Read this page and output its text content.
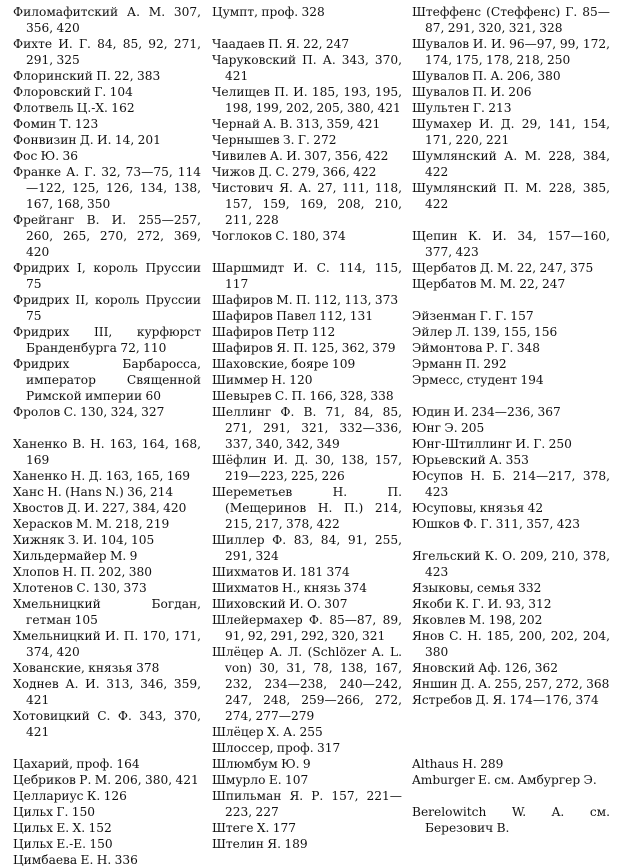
Филомафитский А. М. 307, 356, 420
Фихте И. Г. 84, 85, 92, 271, 291, 325
Флоринский П. 22, 383
Флоровский Г. 104
Флотвель Ц.-Х. 162
Фомин Т. 123
Фонвизин Д. И. 14, 201
Фос Ю. 36
Франке А. Г. 32, 73—75, 114—122, 125, 126, 134, 138, 167, 168, 350
Фрейганг В. И. 255—257, 260, 265, 270, 272, 369, 420
Фридрих I, король Пруссии 75
Фридрих II, король Пруссии 75
Фридрих III, курфюрст Бранденбурга 72, 110
Фридрих Барбаросса, император Священной Римской империи 60
Фролов С. 130, 324, 327
Ханенко В. Н. 163, 164, 168, 169
Ханенко Н. Д. 163, 165, 169
Ханс Н. (Hans N.) 36, 214
Хвостов Д. И. 227, 384, 420
Херасков М. М. 218, 219
Хижняк З. И. 104, 105
Хильдермайер М. 9
Хлопов Н. П. 202, 380
Хлотенов С. 130, 373
Хмельницкий Богдан, гетман 105
Хмельницкий И. П. 170, 171, 374, 420
Хованские, князья 378
Ходнев А. И. 313, 346, 359, 421
Хотовицкий С. Ф. 343, 370, 421
Цахарий, проф. 164
Цебриков Р. М. 206, 380, 421
Целлариус К. 126
Цильх Г. 150
Цильх Е. Х. 152
Цильх Е.-Е. 150
Цимбаева Е. Н. 336
Цумпт, проф. 328
Чаадаев П. Я. 22, 247
Чаруковский П. А. 343, 370, 421
Челищев П. И. 185, 193, 195, 198, 199, 202, 205, 380, 421
Чернай А. В. 313, 359, 421
Чернышев З. Г. 272
Чивилев А. И. 307, 356, 422
Чижов Д. С. 279, 366, 422
Чистович Я. А. 27, 111, 118, 157, 159, 169, 208, 210, 211, 228
Чоглоков С. 180, 374
Шаршмидт И. С. 114, 115, 117
Шафиров М. П. 112, 113, 373
Шафиров Павел 112, 131
Шафиров Петр 112
Шафиров Я. П. 125, 362, 379
Шаховские, бояре 109
Шиммер Н. 120
Шевырев С. П. 166, 328, 338
Шеллинг Ф. В. 71, 84, 85, 271, 291, 321, 332—336, 337, 340, 342, 349
Шёфлин И. Д. 30, 138, 157, 219—223, 225, 226
Шереметьев Н. П. (Мещеринов Н. П.) 214, 215, 217, 378, 422
Шиллер Ф. 83, 84, 91, 255, 291, 324
Шихматов И. 181 374
Шихматов Н., князь 374
Шиховский И. О. 307
Шлейермахер Ф. 85—87, 89, 91, 92, 291, 292, 320, 321
Шлёцер А. Л. (Schlözer A. L. von) 30, 31, 78, 138, 167, 232, 234—238, 240—242, 247, 248, 259—266, 272, 274, 277—279
Шлёцер Х. А. 255
Шлоссер, проф. 317
Шлюмбум Ю. 9
Шмурло Е. 107
Шпильман Я. Р. 157, 221—223, 227
Штеге Х. 177
Штелин Я. 189
Штеффенс (Стеффенс) Г. 85—87, 291, 320, 321, 328
Шувалов И. И. 96—97, 99, 172, 174, 175, 178, 218, 250
Шувалов П. А. 206, 380
Шувалов П. И. 206
Шультен Г. 213
Шумахер И. Д. 29, 141, 154, 171, 220, 221
Шумлянский А. М. 228, 384, 422
Шумлянский П. М. 228, 385, 422
Щепин К. И. 34, 157—160, 377, 423
Щербатов Д. М. 22, 247, 375
Щербатов М. М. 22, 247
Эйзенман Г. Г. 157
Эйлер Л. 139, 155, 156
Эймонтова Р. Г. 348
Эрманн П. 292
Эрмесс, студент 194
Юдин И. 234—236, 367
Юнг Э. 205
Юнг-Штиллинг И. Г. 250
Юрьевский А. 353
Юсупов Н. Б. 214—217, 378, 423
Юсуповы, князья 42
Юшков Ф. Г. 311, 357, 423
Ягельский К. О. 209, 210, 378, 423
Языковы, семья 332
Якоби К. Г. И. 93, 312
Яковлев М. 198, 202
Янов С. Н. 185, 200, 202, 204, 380
Яновский Аф. 126, 362
Яншин Д. А. 255, 257, 272, 368
Ястребов Д. Я. 174—176, 374
Althaus H. 289
Amburger E. см. Амбургер Э.
Berelowitch W. A. см. Березович В.
